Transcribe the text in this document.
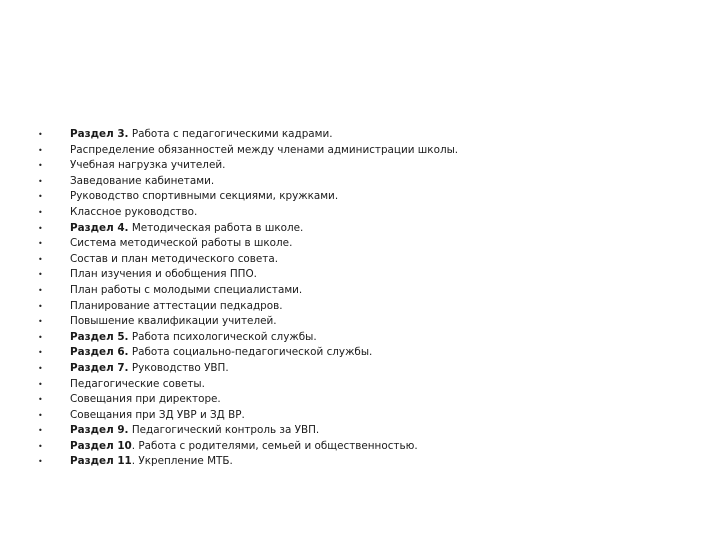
•	Раздел 3. Работа с педагогическими кадрами.
•	Распределение обязанностей между членами администрации школы.
•	Учебная нагрузка учителей.
•	Заведование кабинетами.
•	Руководство спортивными секциями, кружками.
•	Классное руководство.
•	Раздел 4. Методическая работа в школе.
•	Система методической работы в школе.
•	Состав и план методического совета.
•	План изучения и обобщения ППО.
•	План работы с молодыми специалистами.
•	Планирование аттестации педкадров.
•	Повышение квалификации учителей.
•	Раздел 5. Работа психологической службы.
•	Раздел 6. Работа социально-педагогической службы.
•	Раздел 7. Руководство УВП.
•	Педагогические советы.
•	Совещания при директоре.
•	Совещания при ЗД УВР и ЗД ВР.
•	Раздел 9. Педагогический контроль за УВП.
•	Раздел 10. Работа с родителями, семьей и общественностью.
•	Раздел 11. Укрепление МТБ.
